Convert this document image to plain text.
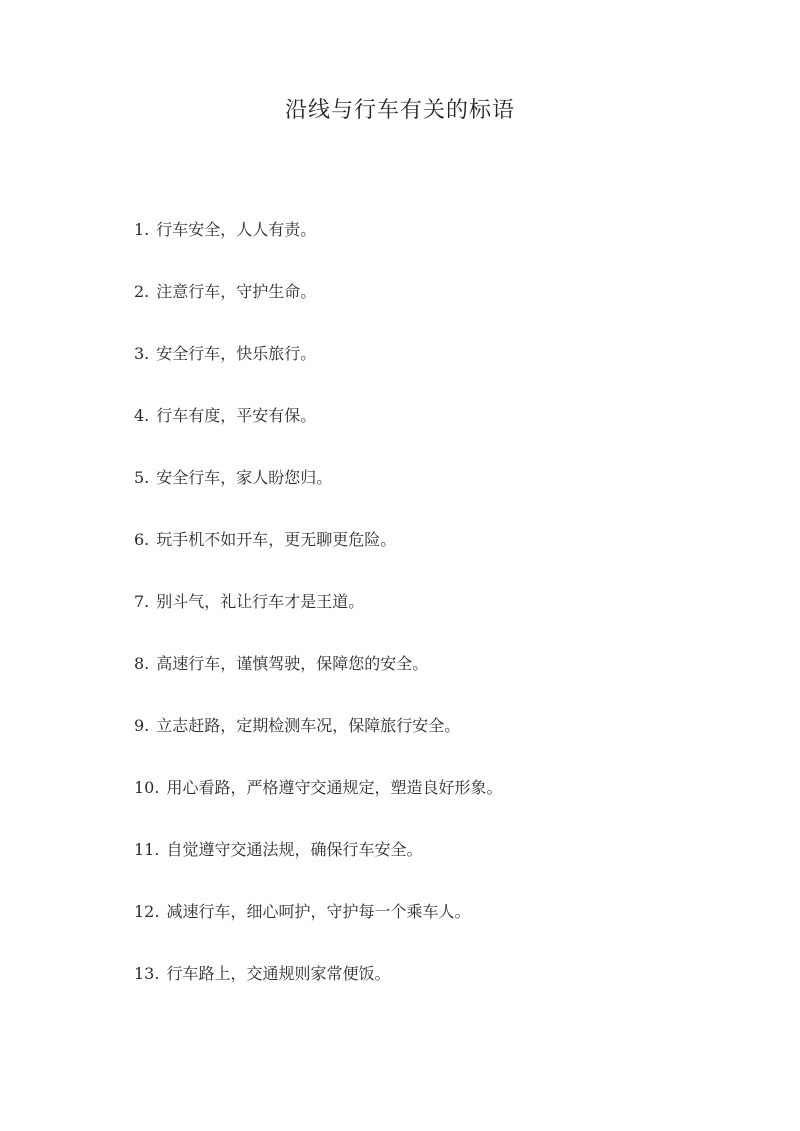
沿线与行车有关的标语
1. 行车安全，人人有责。
2. 注意行车，守护生命。
3. 安全行车，快乐旅行。
4. 行车有度，平安有保。
5. 安全行车，家人盼您归。
6. 玩手机不如开车，更无聊更危险。
7. 别斗气，礼让行车才是王道。
8. 高速行车，谨慎驾驶，保障您的安全。
9. 立志赶路，定期检测车况，保障旅行安全。
10. 用心看路，严格遵守交通规定，塑造良好形象。
11. 自觉遵守交通法规，确保行车安全。
12. 减速行车，细心呵护，守护每一个乘车人。
13. 行车路上，交通规则家常便饭。
